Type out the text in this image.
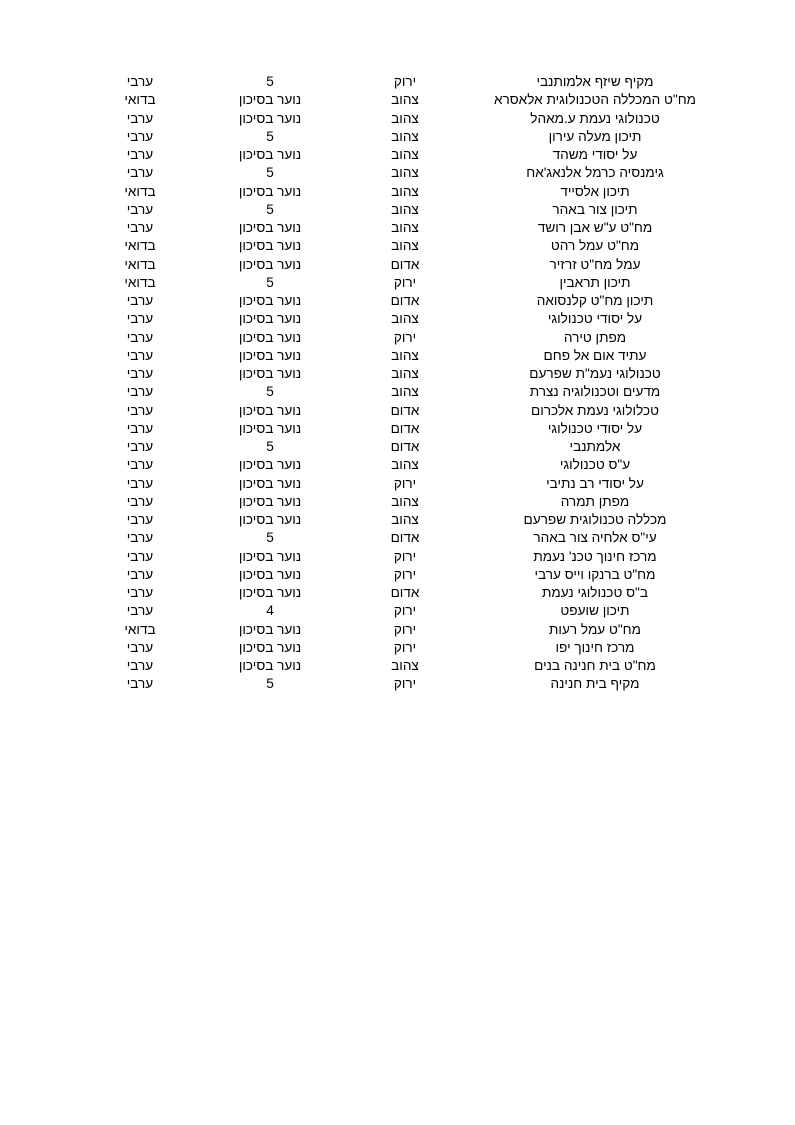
מקיף שיזף אלמותנבי
ירוק
5
ערבי
מח"ט המכללה הטכנולוגית אלאסרא
צהוב
נוער בסיכון
בדואי
טכנולוגי נעמת ע.מאהל
צהוב
נוער בסיכון
ערבי
תיכון מעלה עירון
צהוב
5
ערבי
על יסודי משהד
צהוב
נוער בסיכון
ערבי
גימנסיה כרמל אלנאג'אח
צהוב
5
ערבי
תיכון אלסייד
צהוב
נוער בסיכון
בדואי
תיכון צור באהר
צהוב
5
ערבי
מח"ט ע"ש אבן רושד
צהוב
נוער בסיכון
ערבי
מח"ט עמל רהט
צהוב
נוער בסיכון
בדואי
עמל מח"ט זרזיר
אדום
נוער בסיכון
בדואי
תיכון תראבין
ירוק
5
בדואי
תיכון מח"ט קלנסואה
אדום
נוער בסיכון
ערבי
על יסודי טכנולוגי
צהוב
נוער בסיכון
ערבי
מפתן טירה
ירוק
נוער בסיכון
ערבי
עתיד אום אל פחם
צהוב
נוער בסיכון
ערבי
טכנולוגי נעמ"ת שפרעם
צהוב
נוער בסיכון
ערבי
מדעים וטכנולוגיה נצרת
צהוב
5
ערבי
טכלולוגי נעמת אלכרום
אדום
נוער בסיכון
ערבי
על יסודי טכנולוגי
אדום
נוער בסיכון
ערבי
אלמתנבי
אדום
5
ערבי
ע"ס טכנולוגי
צהוב
נוער בסיכון
ערבי
על יסודי רב נתיבי
ירוק
נוער בסיכון
ערבי
מפתן תמרה
צהוב
נוער בסיכון
ערבי
מכללה טכנולוגית שפרעם
צהוב
נוער בסיכון
ערבי
עי"ס אלחיה צור באהר
אדום
5
ערבי
מרכז חינוך טכנ' נעמת
ירוק
נוער בסיכון
ערבי
מח"ט ברנקו וייס ערבי
ירוק
נוער בסיכון
ערבי
ב"ס טכנולוגי נעמת
אדום
נוער בסיכון
ערבי
תיכון שועפט
ירוק
4
ערבי
מח"ט עמל רעות
ירוק
נוער בסיכון
בדואי
מרכז חינוך יפו
ירוק
נוער בסיכון
ערבי
מח"ט בית חנינה בנים
צהוב
נוער בסיכון
ערבי
מקיף בית חנינה
ירוק
5
ערבי
